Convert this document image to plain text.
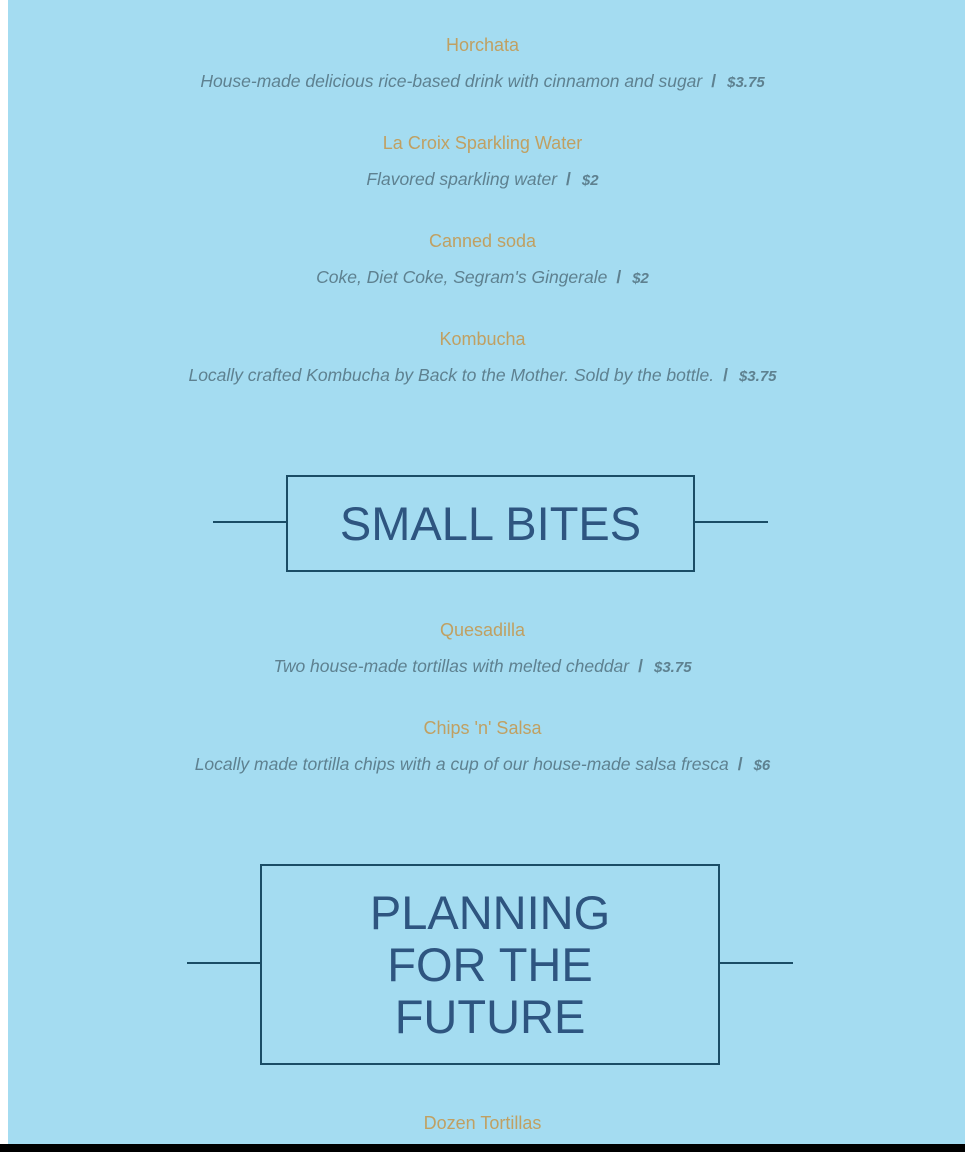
Horchata
House-made delicious rice-based drink with cinnamon and sugar / $3.75
La Croix Sparkling Water
Flavored sparkling water / $2
Canned soda
Coke, Diet Coke, Segram's Gingerale / $2
Kombucha
Locally crafted Kombucha by Back to the Mother. Sold by the bottle. / $3.75
SMALL BITES
Quesadilla
Two house-made tortillas with melted cheddar / $3.75
Chips 'n' Salsa
Locally made tortilla chips with a cup of our house-made salsa fresca / $6
PLANNING
FOR THE
FUTURE
Dozen Tortillas
